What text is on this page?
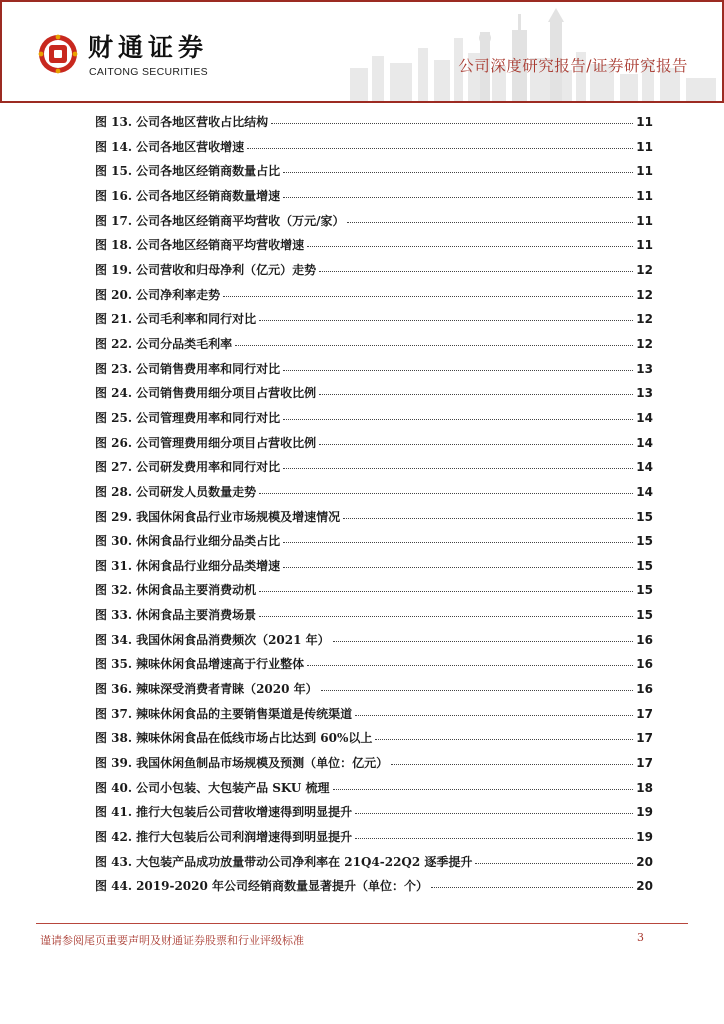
财通证券
CAITONG SECURITIES	公司深度研究报告/证券研究报告
图 13. 公司各地区营收占比结构	11
图 14. 公司各地区营收增速	11
图 15. 公司各地区经销商数量占比	11
图 16. 公司各地区经销商数量增速	11
图 17. 公司各地区经销商平均营收（万元/家）	11
图 18. 公司各地区经销商平均营收增速	11
图 19. 公司营收和归母净利（亿元）走势	12
图 20. 公司净利率走势	12
图 21. 公司毛利率和同行对比	12
图 22. 公司分品类毛利率	12
图 23. 公司销售费用率和同行对比	13
图 24. 公司销售费用细分项目占营收比例	13
图 25. 公司管理费用率和同行对比	14
图 26. 公司管理费用细分项目占营收比例	14
图 27. 公司研发费用率和同行对比	14
图 28. 公司研发人员数量走势	14
图 29. 我国休闲食品行业市场规模及增速情况	15
图 30. 休闲食品行业细分品类占比	15
图 31. 休闲食品行业细分品类增速	15
图 32. 休闲食品主要消费动机	15
图 33. 休闲食品主要消费场景	15
图 34. 我国休闲食品消费频次（2021 年）	16
图 35. 辣味休闲食品增速高于行业整体	16
图 36. 辣味深受消费者青睐（2020 年）	16
图 37. 辣味休闲食品的主要销售渠道是传统渠道	17
图 38. 辣味休闲食品在低线市场占比达到 60%以上	17
图 39. 我国休闲鱼制品市场规模及预测（单位：亿元）	17
图 40. 公司小包装、大包装产品 SKU 梳理	18
图 41. 推行大包装后公司营收增速得到明显提升	19
图 42. 推行大包装后公司利润增速得到明显提升	19
图 43. 大包装产品成功放量带动公司净利率在 21Q4-22Q2 逐季提升	20
图 44. 2019-2020 年公司经销商数量显著提升（单位：个）	20
谨请参阅尾页重要声明及财通证券股票和行业评级标准	3
